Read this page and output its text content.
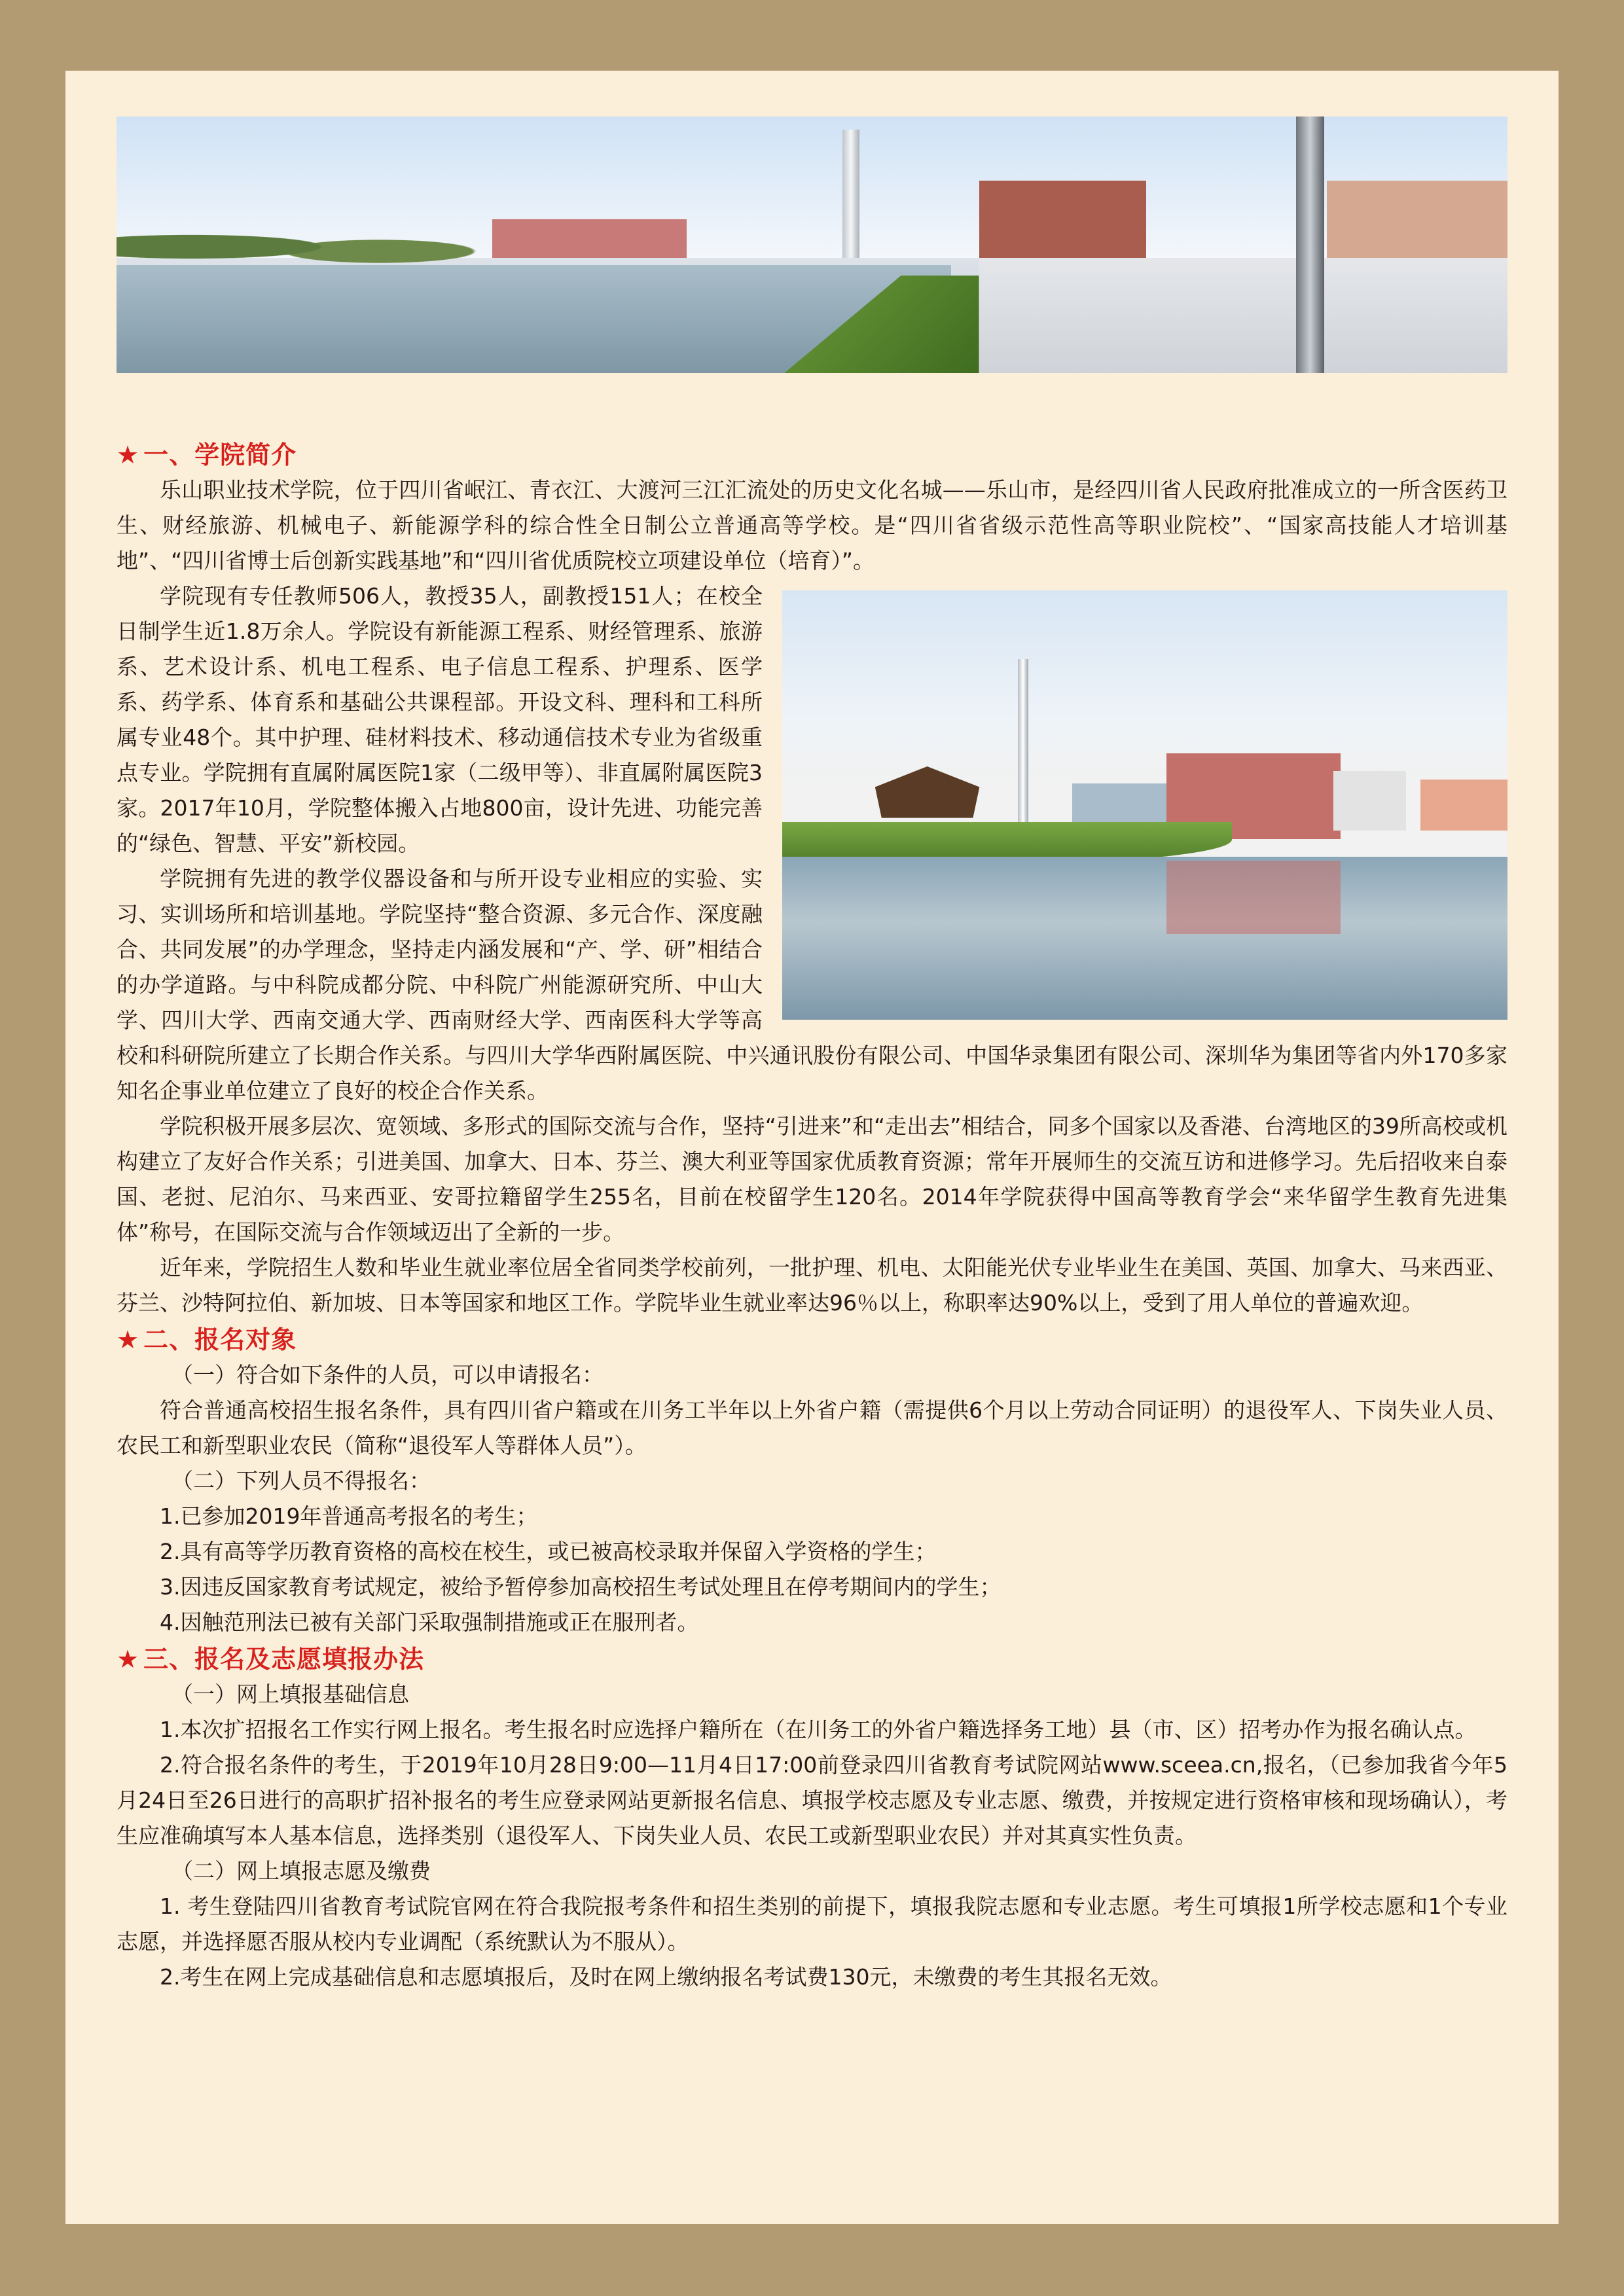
★ 一、学院简介

乐山职业技术学院，位于四川省岷江、青衣江、大渡河三江汇流处的历史文化名城——乐山市，是经四川省人民政府批准成立的一所含医药卫生、财经旅游、机械电子、新能源学科的综合性全日制公立普通高等学校。是“四川省省级示范性高等职业院校”、“国家高技能人才培训基地”、“四川省博士后创新实践基地”和“四川省优质院校立项建设单位（培育）”。

学院现有专任教师506人，教授35人，副教授151人；在校全日制学生近1.8万余人。学院设有新能源工程系、财经管理系、旅游系、艺术设计系、机电工程系、电子信息工程系、护理系、医学系、药学系、体育系和基础公共课程部。开设文科、理科和工科所属专业48个。其中护理、硅材料技术、移动通信技术专业为省级重点专业。学院拥有直属附属医院1家（二级甲等）、非直属附属医院3家。2017年10月，学院整体搬入占地800亩，设计先进、功能完善的“绿色、智慧、平安”新校园。

学院拥有先进的教学仪器设备和与所开设专业相应的实验、实习、实训场所和培训基地。学院坚持“整合资源、多元合作、深度融合、共同发展”的办学理念，坚持走内涵发展和“产、学、研”相结合的办学道路。与中科院成都分院、中科院广州能源研究所、中山大学、四川大学、西南交通大学、西南财经大学、西南医科大学等高校和科研院所建立了长期合作关系。与四川大学华西附属医院、中兴通讯股份有限公司、中国华录集团有限公司、深圳华为集团等省内外170多家知名企事业单位建立了良好的校企合作关系。

学院积极开展多层次、宽领域、多形式的国际交流与合作，坚持“引进来”和“走出去”相结合，同多个国家以及香港、台湾地区的39所高校或机构建立了友好合作关系；引进美国、加拿大、日本、芬兰、澳大利亚等国家优质教育资源；常年开展师生的交流互访和进修学习。先后招收来自泰国、老挝、尼泊尔、马来西亚、安哥拉籍留学生255名，目前在校留学生120名。2014年学院获得中国高等教育学会“来华留学生教育先进集体”称号，在国际交流与合作领域迈出了全新的一步。

近年来，学院招生人数和毕业生就业率位居全省同类学校前列，一批护理、机电、太阳能光伏专业毕业生在美国、英国、加拿大、马来西亚、芬兰、沙特阿拉伯、新加坡、日本等国家和地区工作。学院毕业生就业率达96％以上，称职率达90%以上，受到了用人单位的普遍欢迎。

★ 二、报名对象

（一）符合如下条件的人员，可以申请报名：

符合普通高校招生报名条件，具有四川省户籍或在川务工半年以上外省户籍（需提供6个月以上劳动合同证明）的退役军人、下岗失业人员、农民工和新型职业农民（简称“退役军人等群体人员”）。

（二）下列人员不得报名：

1.已参加2019年普通高考报名的考生；

2.具有高等学历教育资格的高校在校生，或已被高校录取并保留入学资格的学生；

3.因违反国家教育考试规定，被给予暂停参加高校招生考试处理且在停考期间内的学生；

4.因触范刑法已被有关部门采取强制措施或正在服刑者。

★ 三、报名及志愿填报办法

（一）网上填报基础信息

1.本次扩招报名工作实行网上报名。考生报名时应选择户籍所在（在川务工的外省户籍选择务工地）县（市、区）招考办作为报名确认点。

2.符合报名条件的考生，于2019年10月28日9:00—11月4日17:00前登录四川省教育考试院网站www.sceea.cn,报名，（已参加我省今年5月24日至26日进行的高职扩招补报名的考生应登录网站更新报名信息、填报学校志愿及专业志愿、缴费，并按规定进行资格审核和现场确认），考生应准确填写本人基本信息，选择类别（退役军人、下岗失业人员、农民工或新型职业农民）并对其真实性负责。

（二）网上填报志愿及缴费

1. 考生登陆四川省教育考试院官网在符合我院报考条件和招生类别的前提下，填报我院志愿和专业志愿。考生可填报1所学校志愿和1个专业志愿，并选择愿否服从校内专业调配（系统默认为不服从）。

2.考生在网上完成基础信息和志愿填报后，及时在网上缴纳报名考试费130元，未缴费的考生其报名无效。
